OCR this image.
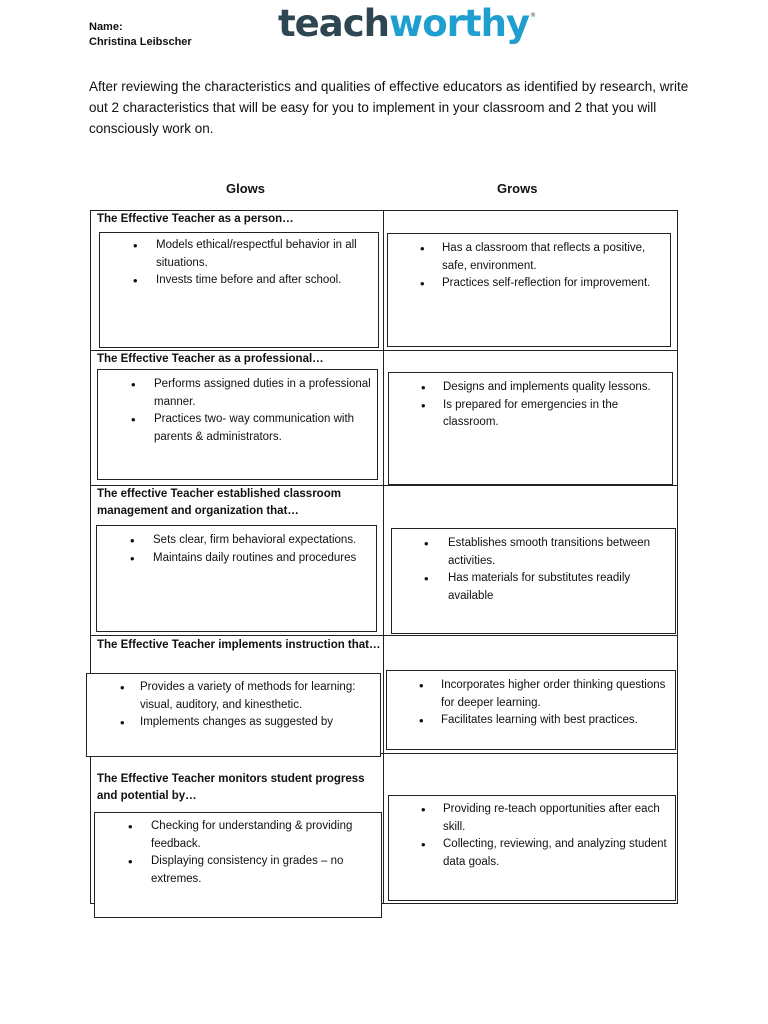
Name:
Christina Leibscher teachworthy ®
After reviewing the characteristics and qualities of effective educators as identified by research, write out 2 characteristics that will be easy for you to implement in your classroom and 2 that you will consciously work on.
Glows	Grows
The Effective Teacher as a person…
• Models ethical/respectful behavior in all situations.
• Invests time before and after school.
• Has a classroom that reflects a positive, safe, environment.
• Practices self-reflection for improvement.
The Effective Teacher as a professional…
• Performs assigned duties in a professional manner.
• Practices two- way communication with parents & administrators.
• Designs and implements quality lessons.
• Is prepared for emergencies in the classroom.
The effective Teacher established classroom management and organization that…
• Sets clear, firm behavioral expectations.
• Maintains daily routines and procedures
• Establishes smooth transitions between activities.
• Has materials for substitutes readily available
The Effective Teacher implements instruction that…
• Provides a variety of methods for learning: visual, auditory, and kinesthetic.
• Implements changes as suggested by
• Incorporates higher order thinking questions for deeper learning.
• Facilitates learning with best practices.
The Effective Teacher monitors student progress and potential by…
• Checking for understanding & providing feedback.
• Displaying consistency in grades – no extremes.
• Providing re-teach opportunities after each skill.
• Collecting, reviewing, and analyzing student data goals.
